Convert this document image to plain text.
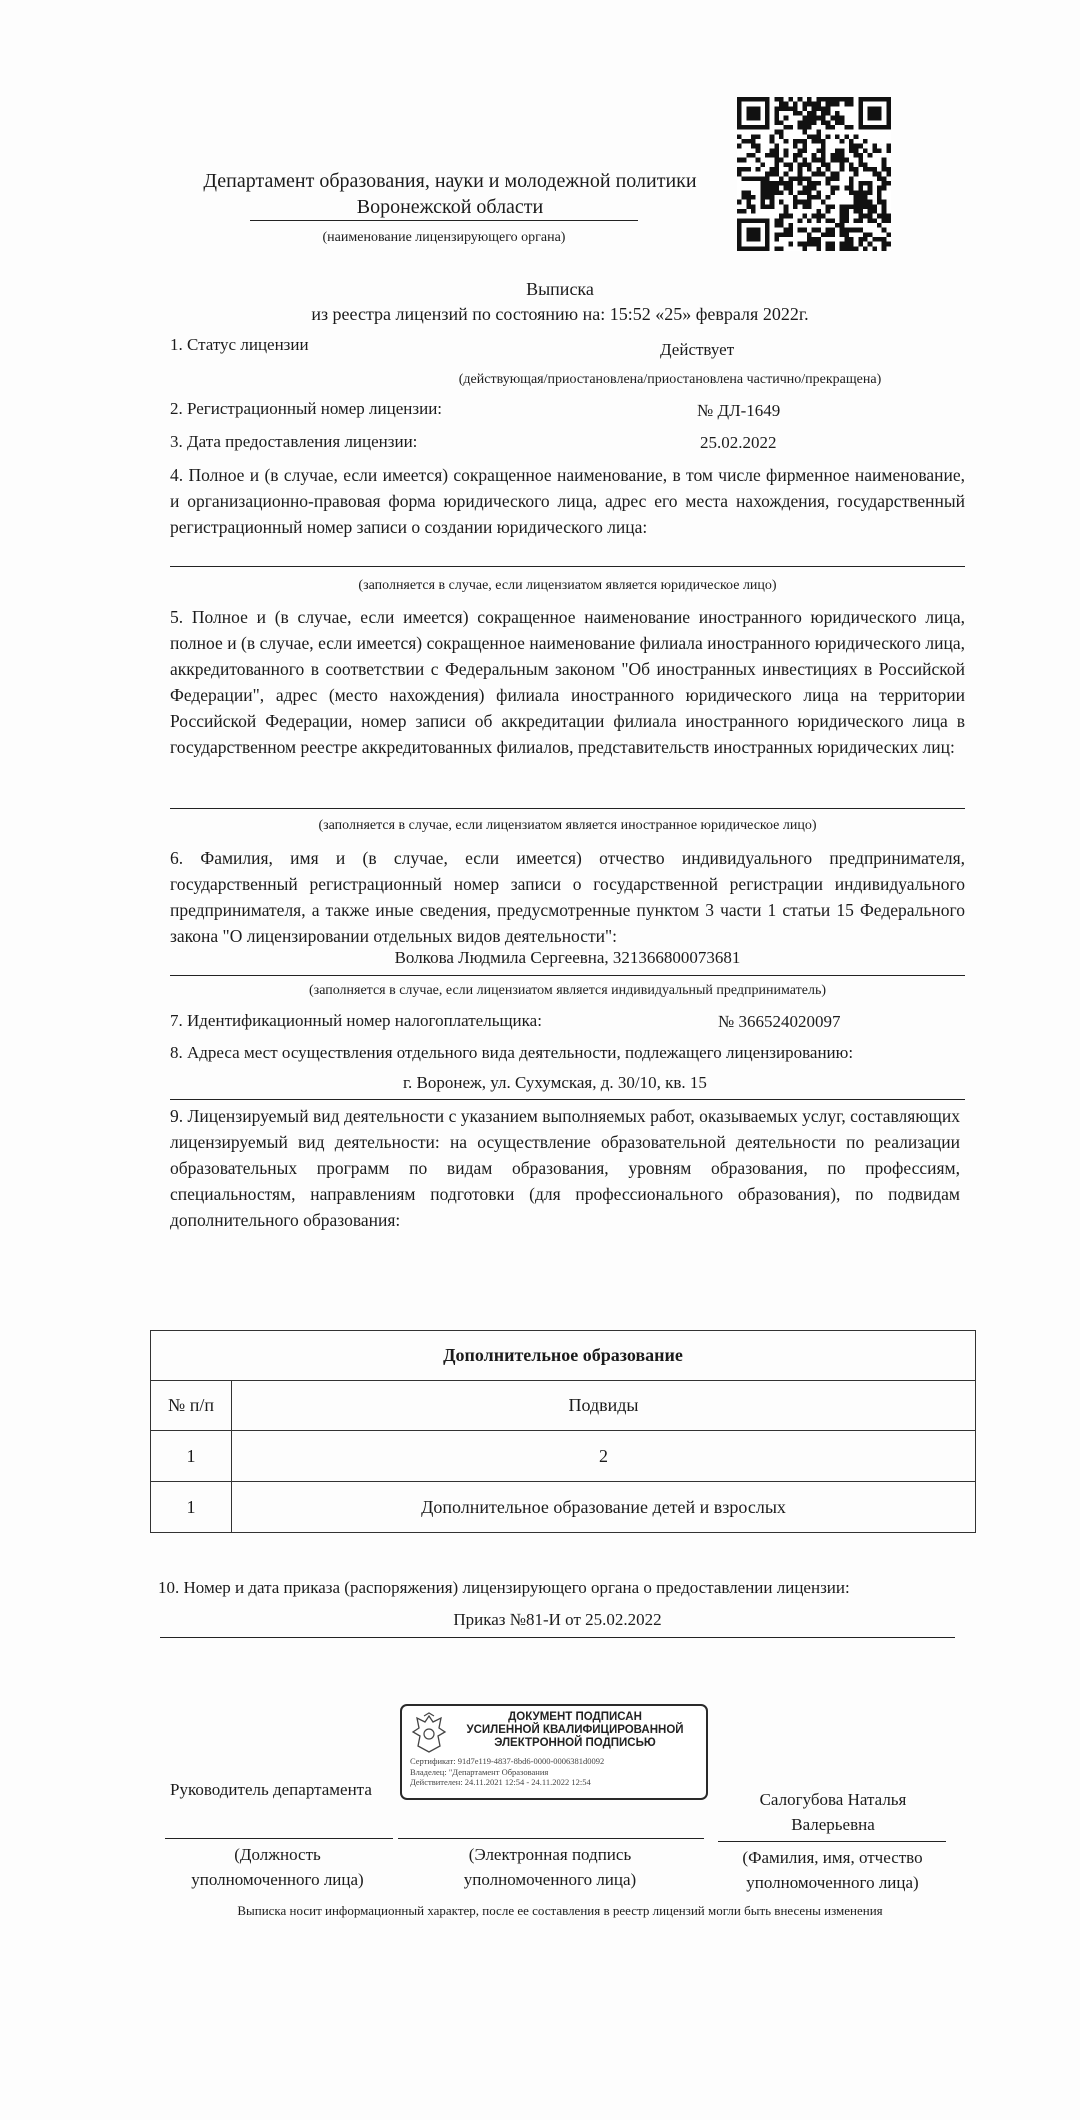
Департамент образования, науки и молодежной политики
Воронежской области
(наименование лицензирующего органа)
Выписка
из реестра лицензий по состоянию на: 15:52 «25» февраля 2022г.
1. Статус лицензии	Действует
(действующая/приостановлена/приостановлена частично/прекращена)
2. Регистрационный номер лицензии:	№ ДЛ-1649
3. Дата предоставления лицензии:	25.02.2022
4. Полное и (в случае, если имеется) сокращенное наименование, в том числе фирменное наименование, и организационно-правовая форма юридического лица, адрес его места нахождения, государственный регистрационный номер записи о создании юридического лица:
(заполняется в случае, если лицензиатом является юридическое лицо)
5. Полное и (в случае, если имеется) сокращенное наименование иностранного юридического лица, полное и (в случае, если имеется) сокращенное наименование филиала иностранного юридического лица, аккредитованного в соответствии с Федеральным законом "Об иностранных инвестициях в Российской Федерации", адрес (место нахождения) филиала иностранного юридического лица на территории Российской Федерации, номер записи об аккредитации филиала иностранного юридического лица в государственном реестре аккредитованных филиалов, представительств иностранных юридических лиц:
(заполняется в случае, если лицензиатом является иностранное юридическое лицо)
6. Фамилия, имя и (в случае, если имеется) отчество индивидуального предпринимателя, государственный регистрационный номер записи о государственной регистрации индивидуального предпринимателя, а также иные сведения, предусмотренные пунктом 3 части 1 статьи 15 Федерального закона "О лицензировании отдельных видов деятельности":
Волкова Людмила Сергеевна, 321366800073681
(заполняется в случае, если лицензиатом является индивидуальный предприниматель)
7. Идентификационный номер налогоплательщика:	№ 366524020097
8. Адреса мест осуществления отдельного вида деятельности, подлежащего лицензированию:
г. Воронеж, ул. Сухумская, д. 30/10, кв. 15
9. Лицензируемый вид деятельности с указанием выполняемых работ, оказываемых услуг, составляющих лицензируемый вид деятельности: на осуществление образовательной деятельности по реализации образовательных программ по видам образования, уровням образования, по профессиям, специальностям, направлениям подготовки (для профессионального образования), по подвидам дополнительного образования:
Дополнительное образование	
№ п/п	Подвиды
1	2
1	Дополнительное образование детей и взрослых
10. Номер и дата приказа (распоряжения) лицензирующего органа о предоставлении лицензии:
Приказ №81-И от 25.02.2022
ДОКУМЕНТ ПОДПИСАН
УСИЛЕННОЙ КВАЛИФИЦИРОВАННОЙ
ЭЛЕКТРОННОЙ ПОДПИСЬЮ
Сертификат: 91d7e119-4837-8bd6-0000-0006381d0092
Владелец: "Департамент Образования
Действителен: 24.11.2021 12:54 - 24.11.2022 12:54
Руководитель департамента
Салогубова Наталья
Валерьевна
(Должность
уполномоченного лица)
(Электронная подпись
уполномоченного лица)
(Фамилия, имя, отчество
уполномоченного лица)
Выписка носит информационный характер, после ее составления в реестр лицензий могли быть внесены изменения
